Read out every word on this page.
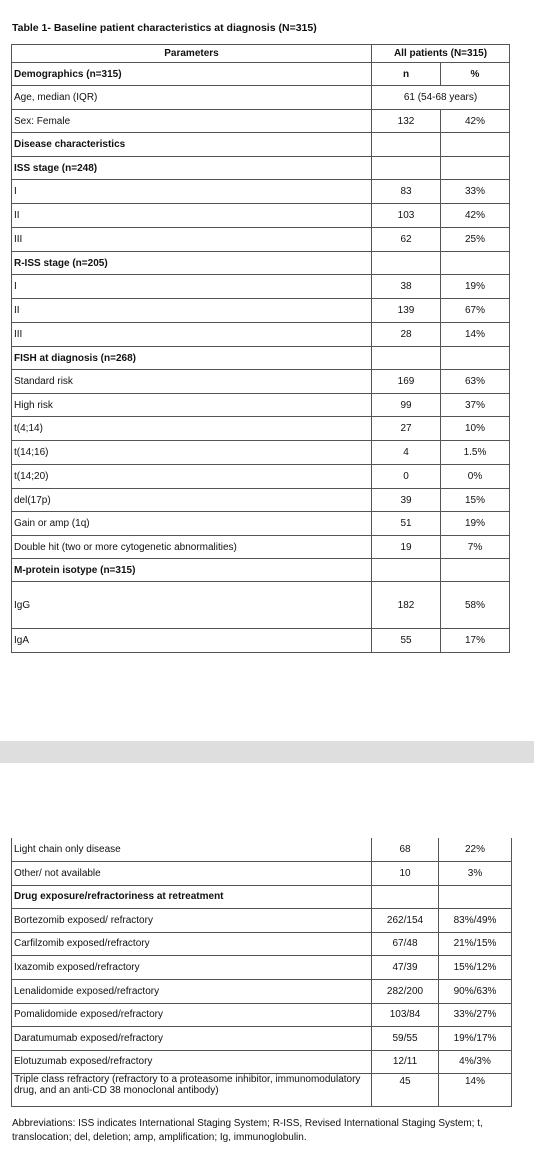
Table 1- Baseline patient characteristics at diagnosis (N=315)
Parameters	All patients (N=315)	
Demographics (n=315)	n	%
Age, median (IQR)	61 (54-68 years)	
Sex: Female	132	42%
Disease characteristics		
ISS stage (n=248)		
I	83	33%
II	103	42%
III	62	25%
R-ISS stage (n=205)		
I	38	19%
II	139	67%
III	28	14%
FISH at diagnosis (n=268)		
Standard risk	169	63%
High risk	99	37%
t(4;14)	27	10%
t(14;16)	4	1.5%
t(14;20)	0	0%
del(17p)	39	15%
Gain or amp (1q)	51	19%
Double hit (two or more cytogenetic abnormalities)	19	7%
M-protein isotype (n=315)		
IgG	182	58%
IgA	55	17%
Light chain only disease	68	22%
Other/ not available	10	3%
Drug exposure/refractoriness at retreatment		
Bortezomib exposed/ refractory	262/154	83%/49%
Carfilzomib exposed/refractory	67/48	21%/15%
Ixazomib exposed/refractory	47/39	15%/12%
Lenalidomide exposed/refractory	282/200	90%/63%
Pomalidomide exposed/refractory	103/84	33%/27%
Daratumumab exposed/refractory	59/55	19%/17%
Elotuzumab exposed/refractory	12/11	4%/3%
Triple class refractory (refractory to a proteasome inhibitor, immunomodulatory drug, and an anti-CD 38 monoclonal antibody)	45	14%
Abbreviations: ISS indicates International Staging System; R-ISS, Revised International Staging System; t, translocation; del, deletion; amp, amplification; Ig, immunoglobulin.
